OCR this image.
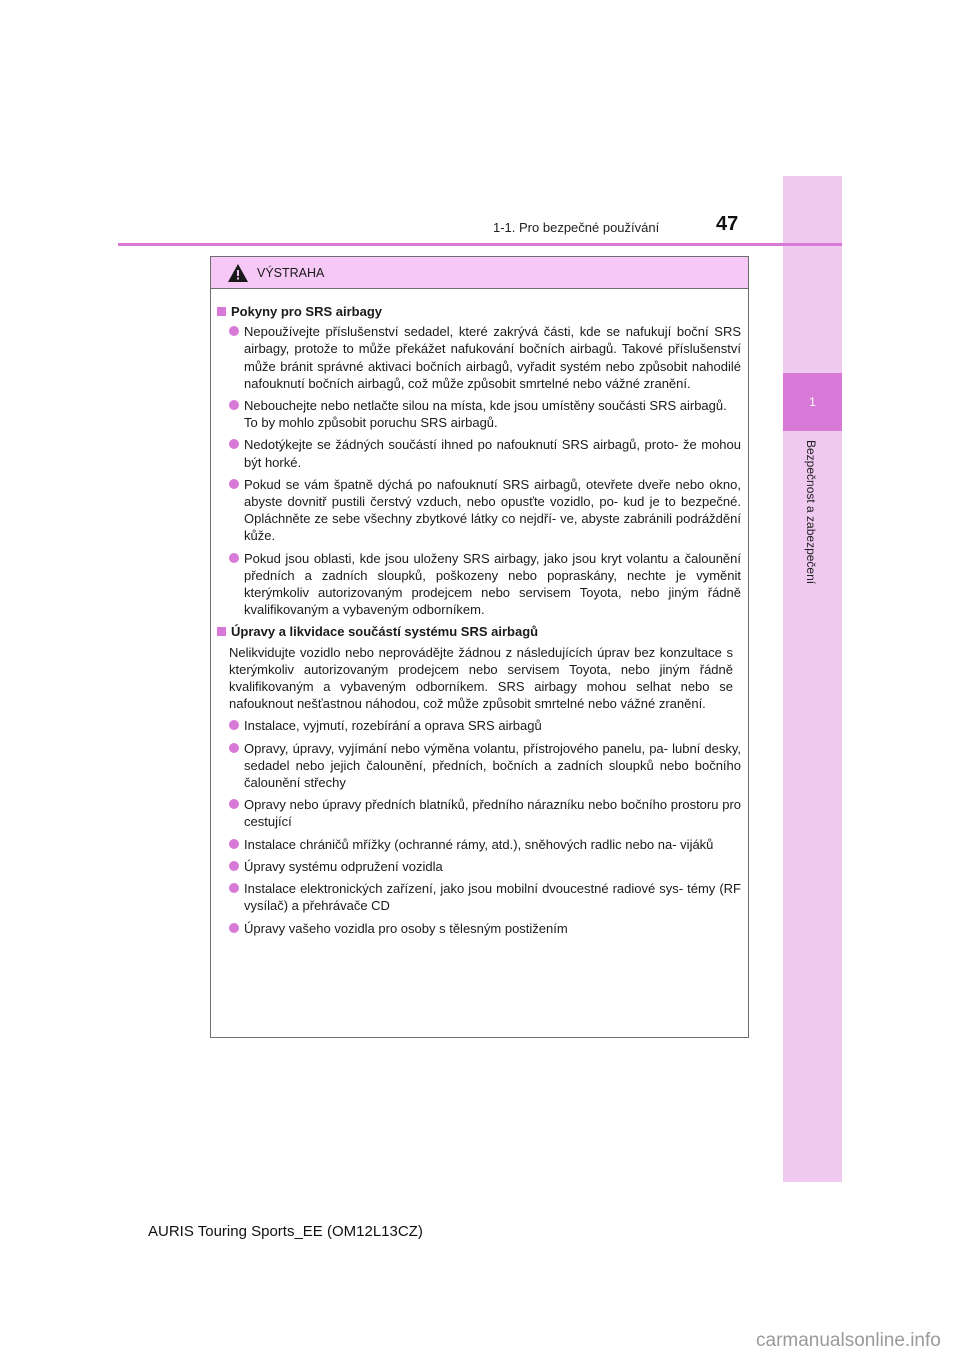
1
Bezpečnost a zabezpečení
47
1-1. Pro bezpečné používání
VÝSTRAHA
Pokyny pro SRS airbagy
Nepoužívejte příslušenství sedadel, které zakrývá části, kde se nafukují boční SRS airbagy, protože to může překážet nafukování bočních airbagů. Takové příslušenství může bránit správné aktivaci bočních airbagů, vyřadit systém nebo způsobit nahodilé nafouknutí bočních airbagů, což může způsobit smrtelné nebo vážné zranění.
Nebouchejte nebo netlačte silou na místa, kde jsou umístěny součásti SRS airbagů.
To by mohlo způsobit poruchu SRS airbagů.
Nedotýkejte se žádných součástí ihned po nafouknutí SRS airbagů, proto- že mohou být horké.
Pokud se vám špatně dýchá po nafouknutí SRS airbagů, otevřete dveře nebo okno, abyste dovnitř pustili čerstvý vzduch, nebo opusťte vozidlo, po- kud je to bezpečné. Opláchněte ze sebe všechny zbytkové látky co nejdří- ve, abyste zabránili podráždění kůže.
Pokud jsou oblasti, kde jsou uloženy SRS airbagy, jako jsou kryt volantu a čalounění předních a zadních sloupků, poškozeny nebo popraskány, nechte je vyměnit kterýmkoliv autorizovaným prodejcem nebo servisem Toyota, nebo jiným řádně kvalifikovaným a vybaveným odborníkem.
Úpravy a likvidace součástí systému SRS airbagů
Nelikvidujte vozidlo nebo neprovádějte žádnou z následujících úprav bez konzultace s kterýmkoliv autorizovaným prodejcem nebo servisem Toyota, nebo jiným řádně kvalifikovaným a vybaveným odborníkem. SRS airbagy mohou selhat nebo se nafouknout nešťastnou náhodou, což může způsobit smrtelné nebo vážné zranění.
Instalace, vyjmutí, rozebírání a oprava SRS airbagů
Opravy, úpravy, vyjímání nebo výměna volantu, přístrojového panelu, pa- lubní desky, sedadel nebo jejich čalounění, předních, bočních a zadních sloupků nebo bočního čalounění střechy
Opravy nebo úpravy předních blatníků, předního nárazníku nebo bočního prostoru pro cestující
Instalace chráničů mřížky (ochranné rámy, atd.), sněhových radlic nebo na- vijáků
Úpravy systému odpružení vozidla
Instalace elektronických zařízení, jako jsou mobilní dvoucestné radiové sys- témy (RF vysílač) a přehrávače CD
Úpravy vašeho vozidla pro osoby s tělesným postižením
AURIS Touring Sports_EE (OM12L13CZ)
carmanualsonline.info
